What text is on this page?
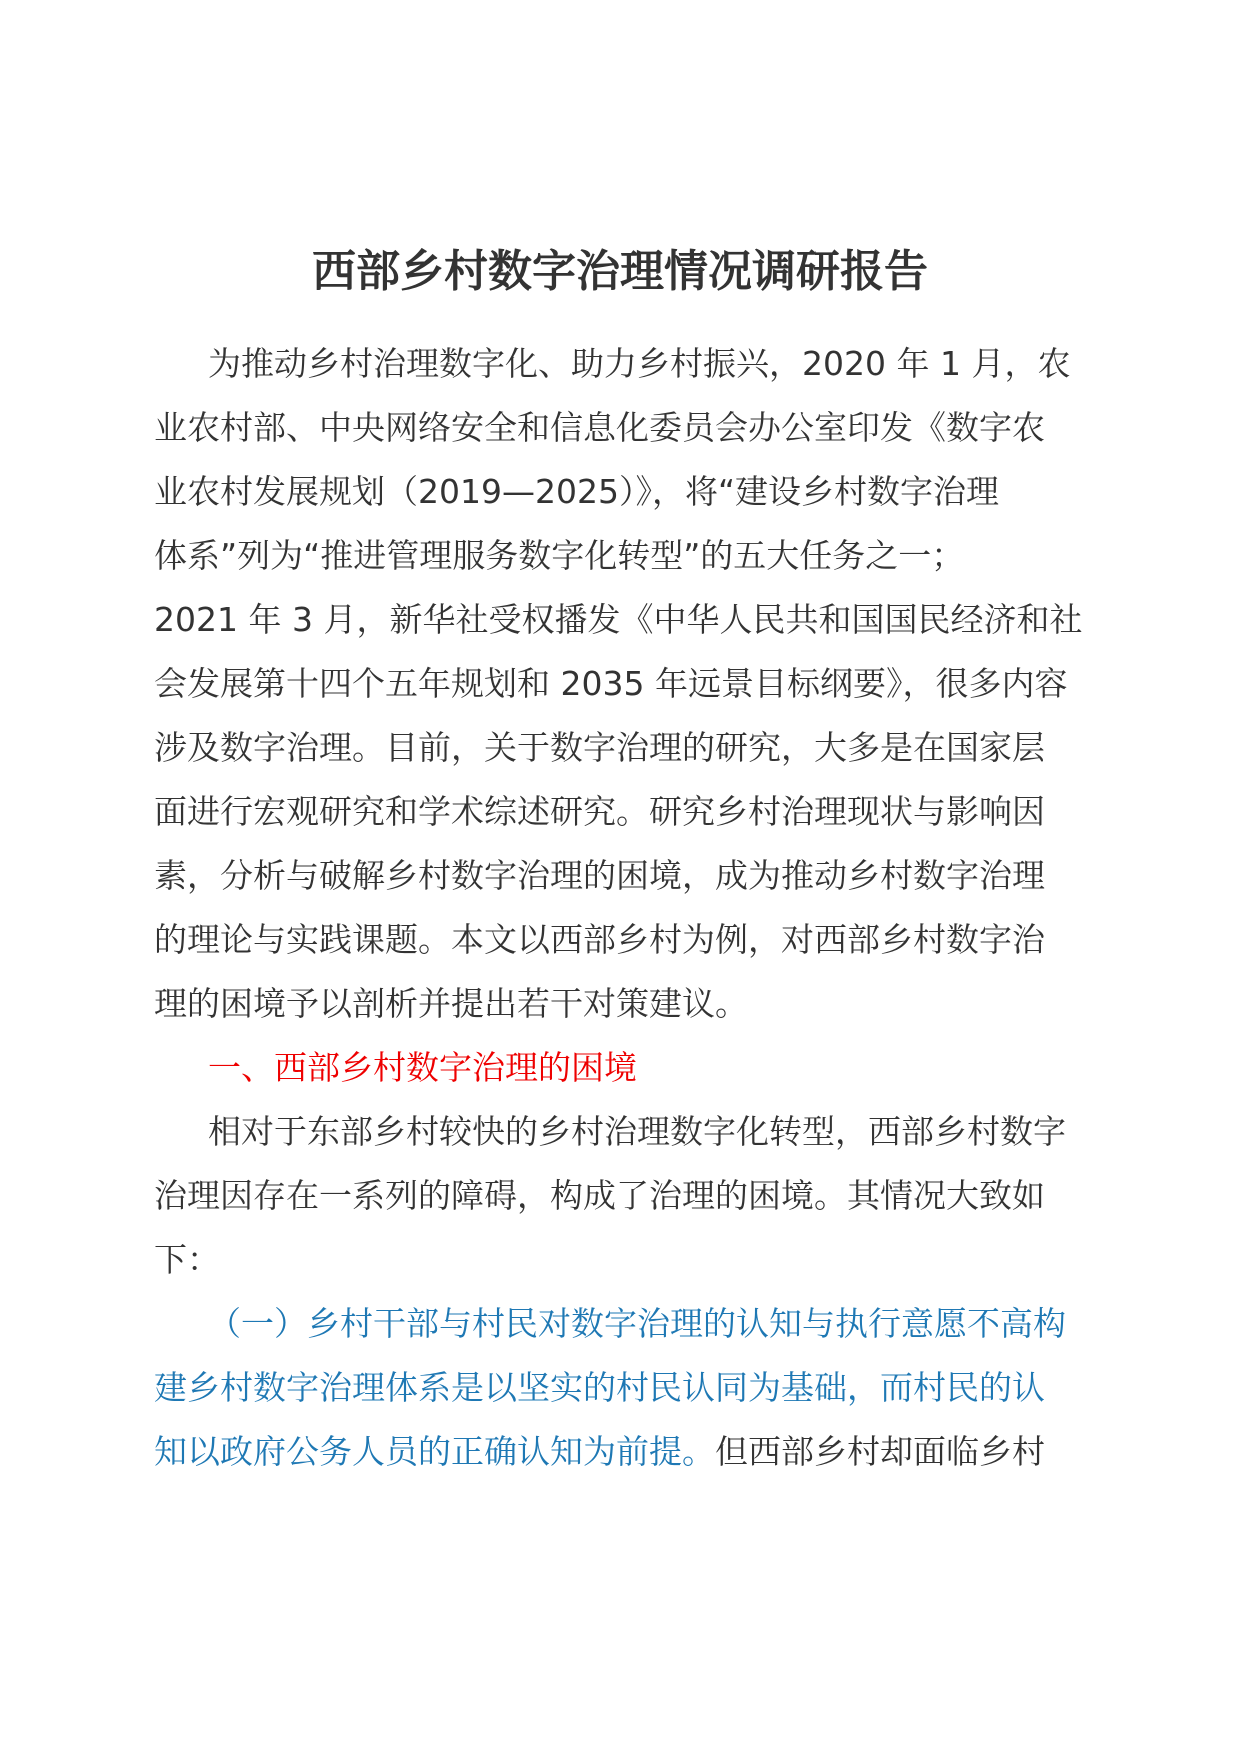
西部乡村数字治理情况调研报告
为推动乡村治理数字化、助力乡村振兴，2020 年 1 月，农
业农村部、中央网络安全和信息化委员会办公室印发《数字农
业农村发展规划（2019—2025）》，将“建设乡村数字治理
体系”列为“推进管理服务数字化转型”的五大任务之一；
2021 年 3 月，新华社受权播发《中华人民共和国国民经济和社
会发展第十四个五年规划和 2035 年远景目标纲要》，很多内容
涉及数字治理。目前，关于数字治理的研究，大多是在国家层
面进行宏观研究和学术综述研究。研究乡村治理现状与影响因
素，分析与破解乡村数字治理的困境，成为推动乡村数字治理
的理论与实践课题。本文以西部乡村为例，对西部乡村数字治
理的困境予以剖析并提出若干对策建议。
一、西部乡村数字治理的困境
相对于东部乡村较快的乡村治理数字化转型，西部乡村数字
治理因存在一系列的障碍，构成了治理的困境。其情况大致如
下：
（一）乡村干部与村民对数字治理的认知与执行意愿不高构
建乡村数字治理体系是以坚实的村民认同为基础，而村民的认
知以政府公务人员的正确认知为前提。但西部乡村却面临乡村
